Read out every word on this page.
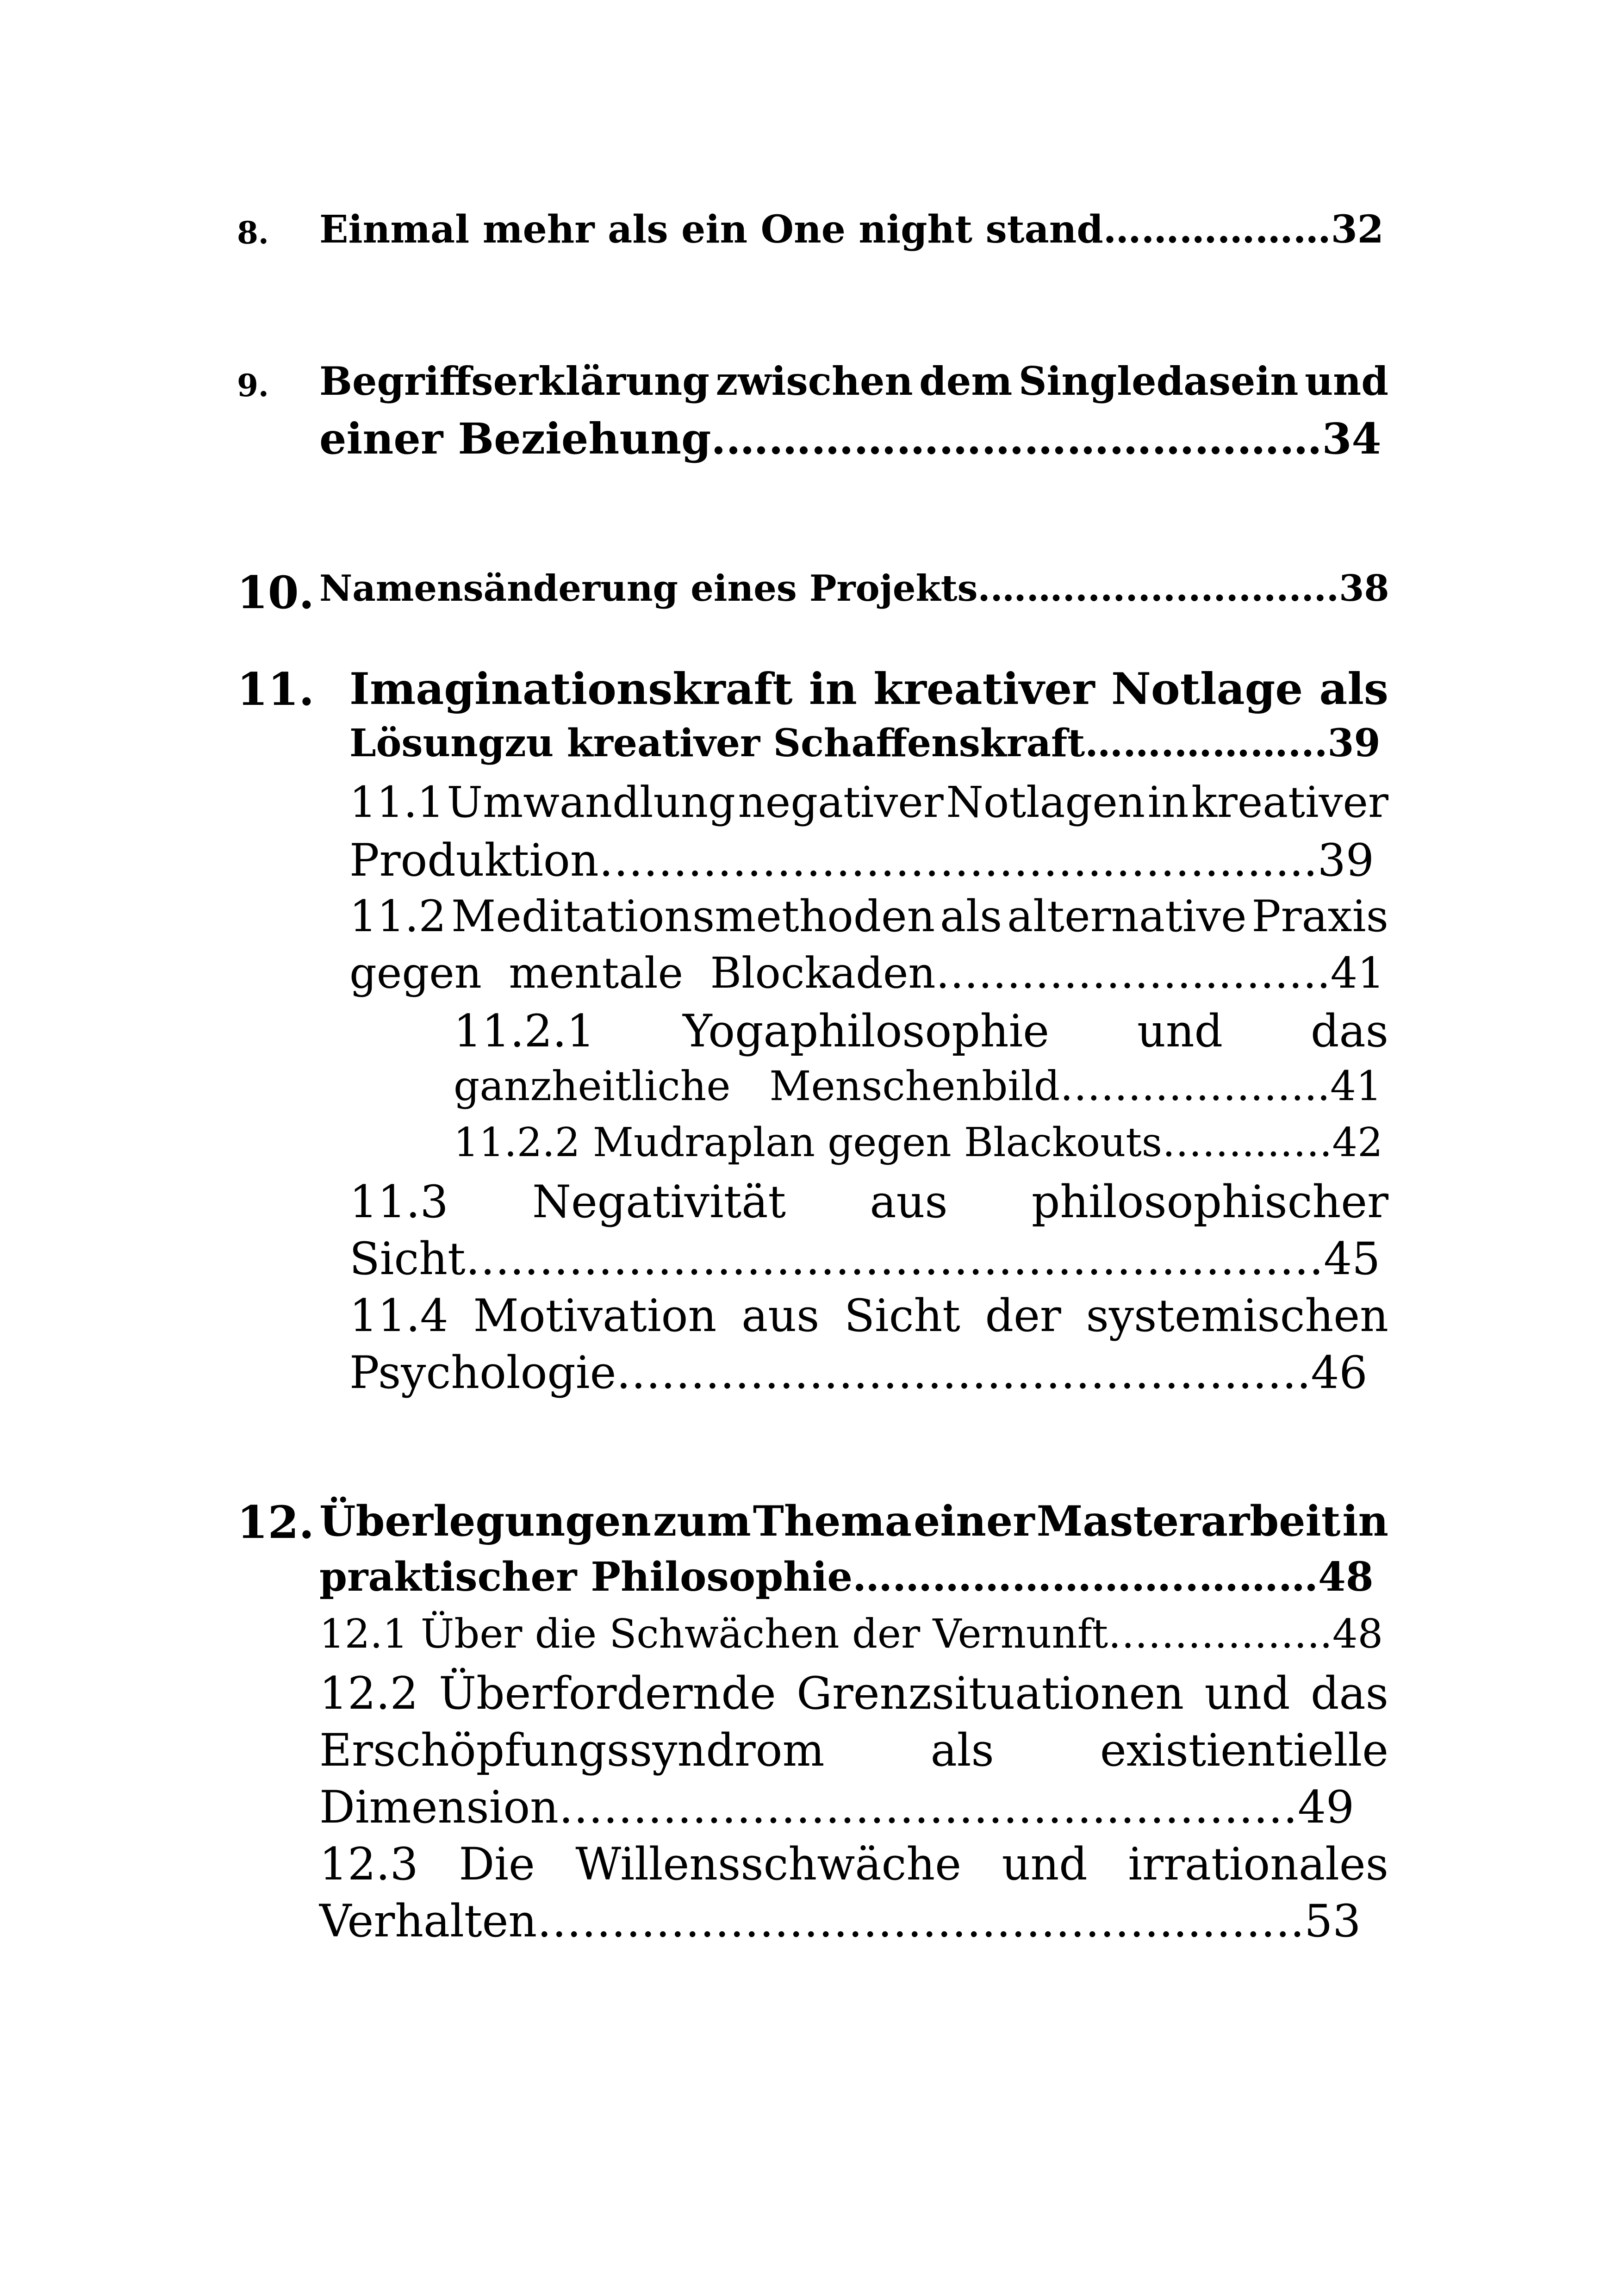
8. Einmal mehr als ein One night stand………………32
9. Begriffserklärung zwischen dem Singledasein und
einer Beziehung.……………………………………34
10. Namensänderung eines Projekts.……......................38
11. Imaginationskraft in kreativer Notlage als
Lösungzu kreativer Schaffenskraft…….………...39
11.1 Umwandlung negativer Notlagen in kreativer
Produktion……………………………..……........39
11.2 Meditationsmethoden als alternative Praxis
gegen  mentale  Blockaden………………...…….41
11.2.1 Yogaphilosophie und das
ganzheitliche   Menschenbild………………..41
11.2.2 Mudraplan gegen Blackouts……...….42
11.3 Negativität aus philosophischer
Sicht….………………………………………………45
11.4 Motivation aus Sicht der systemischen
Psychologie…………………………………….….46
12. Überlegungen zum Thema einer Masterarbeit in
praktischer Philosophie……………………..………48
12.1 Über die Schwächen der Vernunft……………..48
12.2 Überfordernde Grenzsituationen und das
Erschöpfungssyndrom als existientielle
Dimension………………………………..…………49
12.3 Die Willensschwäche und irrationales
Verhalten……………………………………...…….53
